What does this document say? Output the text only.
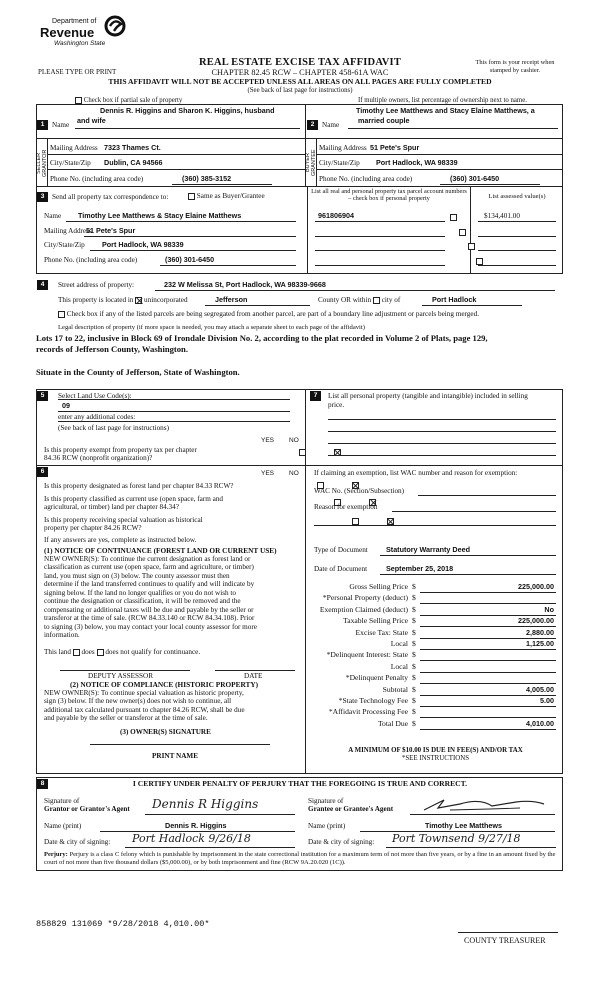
Department of
Revenue
Washington State
REAL ESTATE EXCISE TAX AFFIDAVIT
PLEASE TYPE OR PRINT	CHAPTER 82.45 RCW – CHAPTER 458-61A WAC
This form is your receipt when stamped by cashier.
THIS AFFIDAVIT WILL NOT BE ACCEPTED UNLESS ALL AREAS ON ALL PAGES ARE FULLY COMPLETED
(See back of last page for instructions)
Check box if partial sale of property	If multiple owners, list percentage of ownership next to name.
SELLER GRANTOR
1	Name
Dennis R. Higgins and Sharon K. Higgins, husband
and wife
Mailing Address 7323 Thames Ct.
City/State/Zip Dublin, CA 94566
Phone No. (including area code)	(360) 385-3152
BUYER GRANTEE
2	Name
Timothy Lee Matthews and Stacy Elaine Matthews, a
married couple
Mailing Address 51 Pete's Spur
City/State/Zip Port Hadlock, WA 98339
Phone No. (including area code)	(360) 301-6450
3	Send all property tax correspondence to:	Same as Buyer/Grantee
List all real and personal property tax parcel account numbers – check box if personal property	List assessed value(s)
Name Timothy Lee Matthews & Stacy Elaine Matthews
Mailing Address
51 Pete's Spur
City/State/Zip Port Hadlock, WA 98339
Phone No. (including area code)	(360) 301-6450
961806904	$134,401.00

4	Street address of property:	232 W Melissa St, Port Hadlock, WA 98339-9668
This property is located in unincorporated	Jefferson	County OR within city of	Port Hadlock
Check box if any of the listed parcels are being segregated from another parcel, are part of a boundary line adjustment or parcels being merged.
Legal description of property (if more space is needed, you may attach a separate sheet to each page of the affidavit)
Lots 17 to 22, inclusive in Block 69 of Irondale Division No. 2, according to the plat recorded in Volume 2 of Plats, page 129,
records of Jefferson County, Washington.
Situate in the County of Jefferson, State of Washington.
5	Select Land Use Code(s):
09
enter any additional codes:
(See back of last page for instructions)
YES NO
Is this property exempt from property tax per chapter
84.36 RCW (nonprofit organization)?

6	YES NO
Is this property designated as forest land per chapter 84.33 RCW?

Is this property classified as current use (open space, farm and
agricultural, or timber) land per chapter 84.34?

Is this property receiving special valuation as historical
property per chapter 84.26 RCW?

If any answers are yes, complete as instructed below.
(1) NOTICE OF CONTINUANCE (FOREST LAND OR CURRENT USE)
NEW OWNER(S): To continue the current designation as forest land or
classification as current use (open space, farm and agriculture, or timber)
land, you must sign on (3) below. The county assessor must then
determine if the land transferred continues to qualify and will indicate by
signing below. If the land no longer qualifies or you do not wish to
continue the designation or classification, it will be removed and the
compensating or additional taxes will be due and payable by the seller or
transferor at the time of sale. (RCW 84.33.140 or RCW 84.34.108). Prior
to signing (3) below, you may contact your local county assessor for more
information.
This land does does not qualify for continuance.
DEPUTY ASSESSOR	DATE
(2) NOTICE OF COMPLIANCE (HISTORIC PROPERTY)
NEW OWNER(S): To continue special valuation as historic property,
sign (3) below. If the new owner(s) does not wish to continue, all
additional tax calculated pursuant to chapter 84.26 RCW, shall be due
and payable by the seller or transferor at the time of sale.
(3) OWNER(S) SIGNATURE
PRINT NAME
7	List all personal property (tangible and intangible) included in selling
price.
If claiming an exemption, list WAC number and reason for exemption:
WAC No. (Section/Subsection)
Reason for exemption
Type of Document	Statutory Warranty Deed
Date of Document	September 25, 2018
Gross Selling Price $	225,000.00
*Personal Property (deduct) $
Exemption Claimed (deduct) $	No
Taxable Selling Price $	225,000.00
Excise Tax: State $	2,880.00
Local $	1,125.00
*Delinquent Interest: State $
Local $
*Delinquent Penalty $
Subtotal $	4,005.00
*State Technology Fee $	5.00
*Affidavit Processing Fee $
Total Due $	4,010.00
A MINIMUM OF $10.00 IS DUE IN FEE(S) AND/OR TAX
*SEE INSTRUCTIONS
8	I CERTIFY UNDER PENALTY OF PERJURY THAT THE FOREGOING IS TRUE AND CORRECT.
Signature of
Grantor or Grantor's Agent Dennis R Higgins
Name (print)	Dennis R. Higgins
Date & city of signing: Port Hadlock 9/26/18
Signature of
Grantee or Grantee's Agent
Name (print)	Timothy Lee Matthews
Date & city of signing: Port Townsend 9/27/18
Perjury: Perjury is a class C felony which is punishable by imprisonment in the state correctional institution for a maximum term of not more than five years, or by a fine in an amount fixed by the court of not more than five thousand dollars ($5,000.00), or by both imprisonment and fine (RCW 9A.20.020 (1C)).
858829 131069 *9/28/2018 4,010.00*
COUNTY TREASURER
